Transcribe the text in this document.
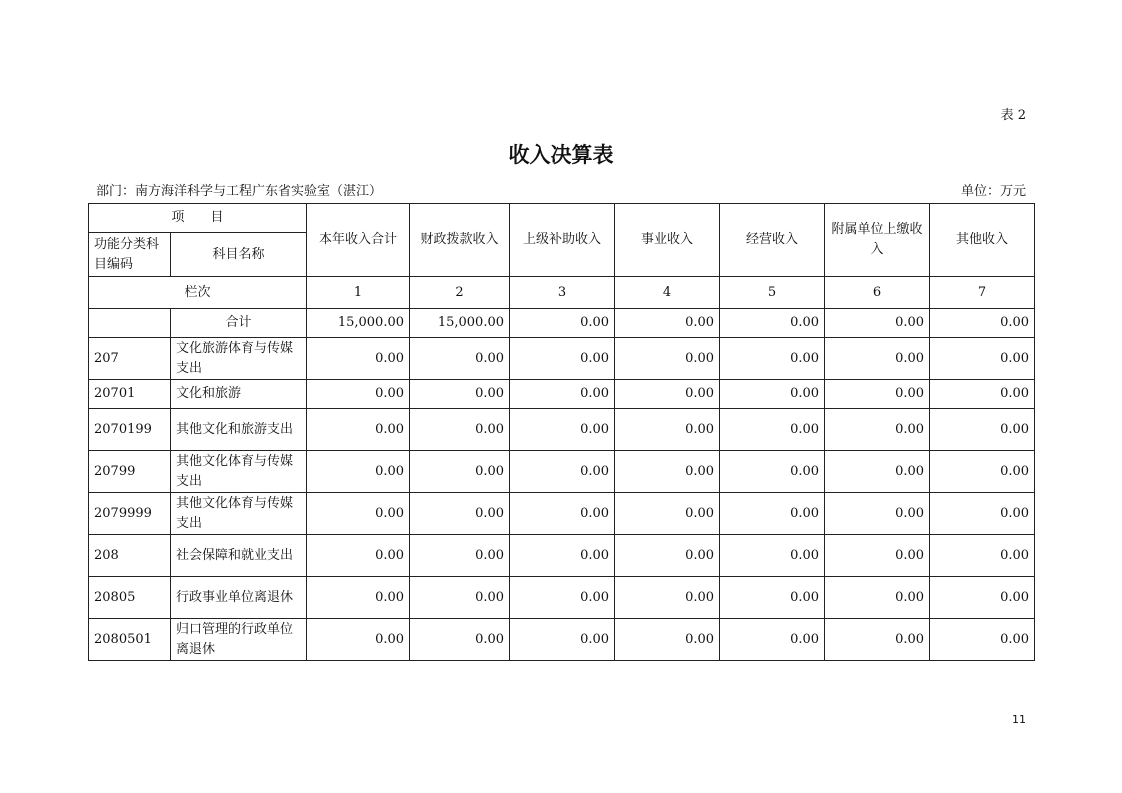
表 2
收入决算表
部门：南方海洋科学与工程广东省实验室（湛江）	单位：万元
项　　目		本年收入合计	财政拨款收入	上级补助收入	事业收入	经营收入	附属单位上缴收入	其他收入
功能分类科目编码	科目名称							
栏次		1	2	3	4	5	6	7
	合计	15,000.00	15,000.00	0.00	0.00	0.00	0.00	0.00
207	文化旅游体育与传媒支出	0.00	0.00	0.00	0.00	0.00	0.00	0.00
20701	文化和旅游	0.00	0.00	0.00	0.00	0.00	0.00	0.00
2070199	其他文化和旅游支出	0.00	0.00	0.00	0.00	0.00	0.00	0.00
20799	其他文化体育与传媒支出	0.00	0.00	0.00	0.00	0.00	0.00	0.00
2079999	其他文化体育与传媒支出	0.00	0.00	0.00	0.00	0.00	0.00	0.00
208	社会保障和就业支出	0.00	0.00	0.00	0.00	0.00	0.00	0.00
20805	行政事业单位离退休	0.00	0.00	0.00	0.00	0.00	0.00	0.00
2080501	归口管理的行政单位离退休	0.00	0.00	0.00	0.00	0.00	0.00	0.00
11
